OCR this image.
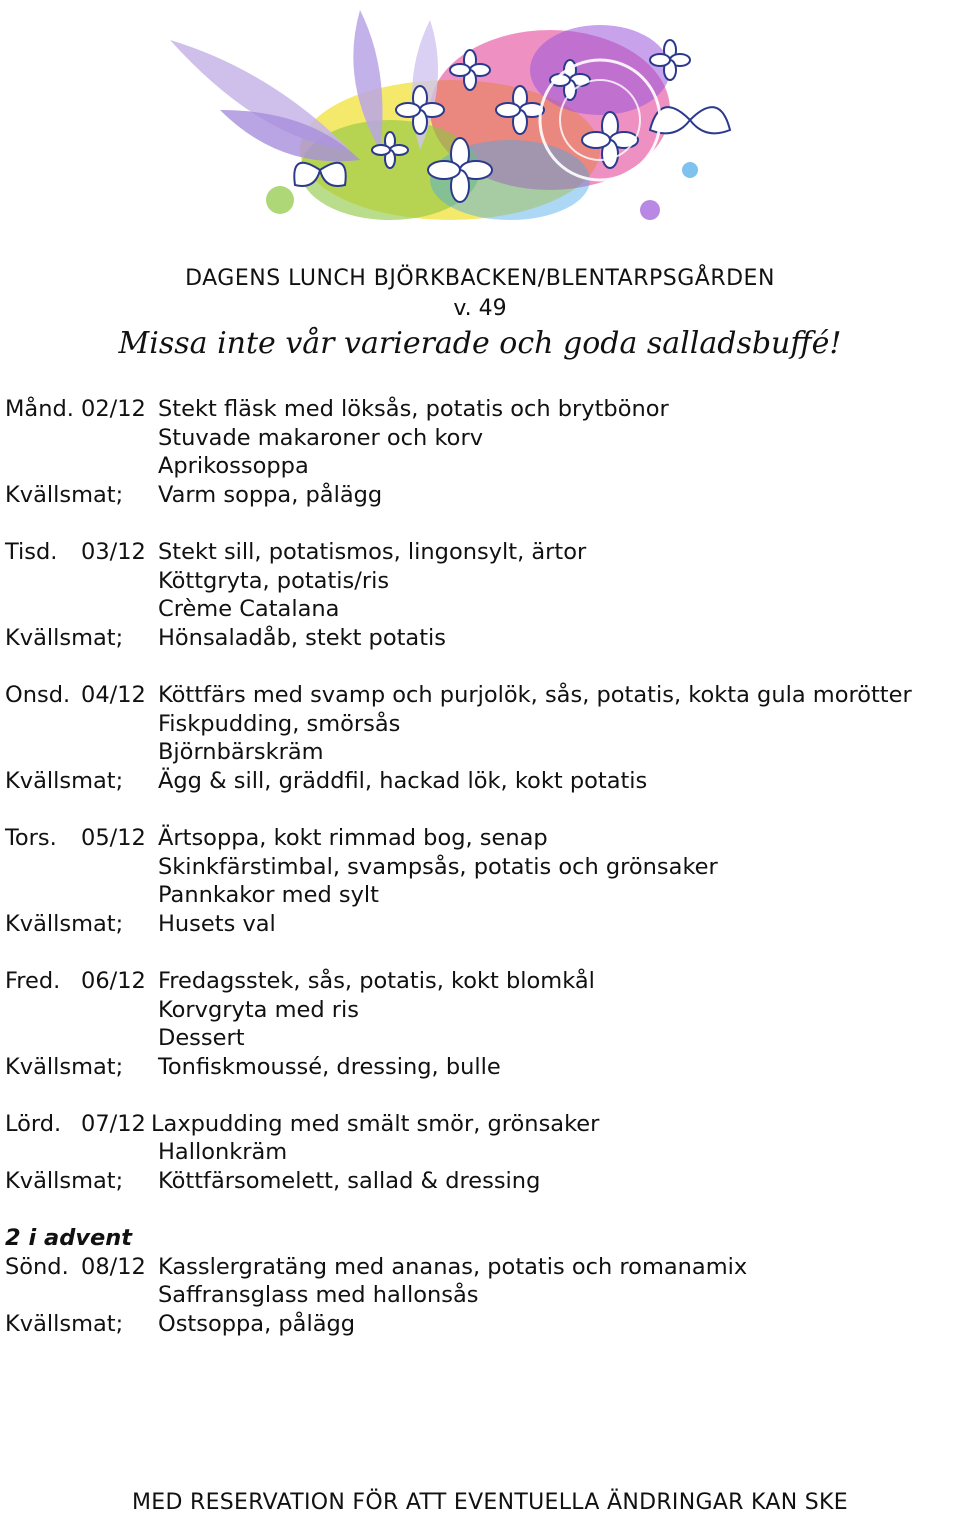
DAGENS LUNCH BJÖRKBACKEN/BLENTARPSGÅRDEN
v. 49
Missa inte vår varierade och goda salladsbuffé!
Månd. 02/12 Stekt fläsk med löksås, potatis och brytbönor
Stuvade makaroner och korv
Aprikossoppa
Kvällsmat; Varm soppa, pålägg
Tisd. 03/12 Stekt sill, potatismos, lingonsylt, ärtor
Köttgryta, potatis/ris
Crème Catalana
Kvällsmat; Hönsaladåb, stekt potatis
Onsd. 04/12 Köttfärs med svamp och purjolök, sås, potatis, kokta gula morötter
Fiskpudding, smörsås
Björnbärskräm
Kvällsmat; Ägg & sill, gräddfil, hackad lök, kokt potatis
Tors. 05/12 Ärtsoppa, kokt rimmad bog, senap
Skinkfärstimbal, svampsås, potatis och grönsaker
Pannkakor med sylt
Kvällsmat; Husets val
Fred. 06/12 Fredagsstek, sås, potatis, kokt blomkål
Korvgryta med ris
Dessert
Kvällsmat; Tonfiskmoussé, dressing, bulle
Lörd. 07/12 Laxpudding med smält smör, grönsaker
Hallonkräm
Kvällsmat; Köttfärsomelett, sallad & dressing
2 i advent
Sönd. 08/12 Kasslergratäng med ananas, potatis och romanamix
Saffransglass med hallonsås
Kvällsmat; Ostsoppa, pålägg
MED RESERVATION FÖR ATT EVENTUELLA ÄNDRINGAR KAN SKE
